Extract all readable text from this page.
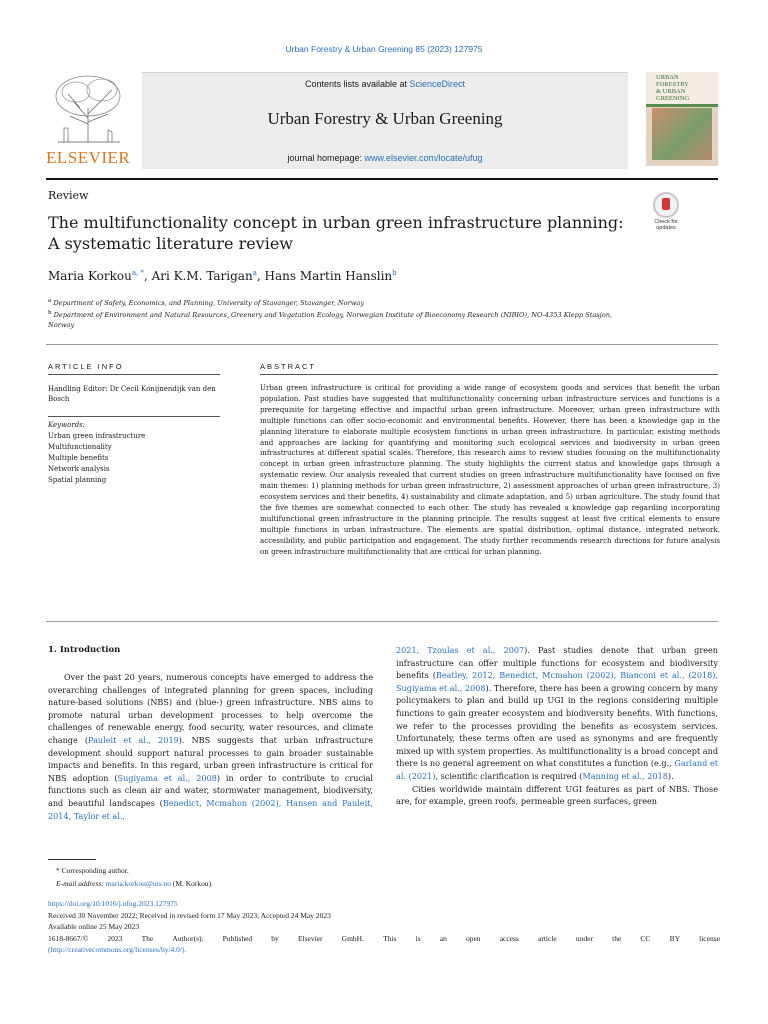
Urban Forestry & Urban Greening 85 (2023) 127975
ELSEVIER
Contents lists available at ScienceDirect
Urban Forestry & Urban Greening
journal homepage: www.elsevier.com/locate/ufug
URBAN
FORESTRY
& URBAN
GREENING
Review
The multifunctionality concept in urban green infrastructure planning: A systematic literature review
Check for updates
Maria Korkou$^{a, *}$, Ari K.M. Tarigan$^a$, Hans Martin Hanslin$^b$
$^a$ Department of Safety, Economics, and Planning, University of Stavanger, Stavanger, Norway
$^b$ Department of Environment and Natural Resources, Greenery and Vegetation Ecology, Norwegian Institute of Bioeconomy Research (NIBIO), NO-4353 Klepp Stasjon, Norway
ARTICLE INFO
Handling Editor: Dr Cecil Konijnendijk van den Bosch
Keywords:
Urban green infrastructure
Multifunctionality
Multiple benefits
Network analysis
Spatial planning
ABSTRACT
Urban green infrastructure is critical for providing a wide range of ecosystem goods and services that benefit the urban population. Past studies have suggested that multifunctionality concerning urban infrastructure services and functions is a prerequisite for targeting effective and impactful urban green infrastructure. Moreover, urban green infrastructure with multiple functions can offer socio-economic and environmental benefits. However, there has been a knowledge gap in the planning literature to elaborate multiple ecosystem functions in urban green infrastructure. In particular, existing methods and approaches are lacking for quantifying and monitoring such ecological services and biodiversity in urban green infrastructures at different spatial scales. Therefore, this research aims to review studies focusing on the multifunctionality concept in urban green infrastructure planning. The study highlights the current status and knowledge gaps through a systematic review. Our analysis revealed that current studies on green infrastructure multifunctionality have focused on five main themes: 1) planning methods for urban green infrastructure, 2) assessment approaches of urban green infrastructure, 3) ecosystem services and their benefits, 4) sustainability and climate adaptation, and 5) urban agriculture. The study found that the five themes are somewhat connected to each other. The study has revealed a knowledge gap regarding incorporating multifunctional green infrastructure in the planning principle. The results suggest at least five critical elements to ensure multiple functions in urban infrastructure. The elements are spatial distribution, optimal distance, integrated network, accessibility, and public participation and engagement. The study further recommends research directions for future analysis on green infrastructure multifunctionality that are critical for urban planning.
1. Introduction
Over the past 20 years, numerous concepts have emerged to address the overarching challenges of integrated planning for green spaces, including nature-based solutions (NBS) and (blue-) green infrastructure. NBS aims to promote natural urban development processes to help overcome the challenges of renewable energy, food security, water resources, and climate change (Pauleit et al., 2019). NBS suggests that urban infrastructure development should support natural processes to gain broader sustainable impacts and benefits. In this regard, urban green infrastructure is critical for NBS adoption (Sugiyama et al., 2008) in order to contribute to crucial functions such as clean air and water, stormwater management, biodiversity, and beautiful landscapes (Benedict, Mcmahon (2002), Hansen and Pauleit, 2014, Taylor et al.,
2021, Tzoulas et al., 2007). Past studies denote that urban green infrastructure can offer multiple functions for ecosystem and biodiversity benefits (Beatley, 2012, Benedict, Mcmahon (2002), Bianconi et al., (2018), Sugiyama et al., 2008). Therefore, there has been a growing concern by many policymakers to plan and build up UGI in the regions considering multiple functions to gain greater ecosystem and biodiversity benefits. With functions, we refer to the processes providing the benefits as ecosystem services. Unfortunately, these terms often are used as synonyms and are frequently mixed up with system properties. As multifunctionality is a broad concept and there is no general agreement on what constitutes a function (e.g., Garland et al. (2021), scientific clarification is required (Manning et al., 2018).
Cities worldwide maintain different UGI features as part of NBS. Those are, for example, green roofs, permeable green surfaces, green
* Corresponding author.
E-mail address: maria.korkou@uis.no (M. Korkou).
https://doi.org/10.1016/j.ufug.2023.127975
Received 30 November 2022; Received in revised form 17 May 2023; Accepted 24 May 2023
Available online 25 May 2023
1618-8667/©	2023	The	Author(s).	Published	by	Elsevier	GmbH.	This	is	an	open	access	article	under	the	CC	BY	license
(http://creativecommons.org/licenses/by/4.0/).
